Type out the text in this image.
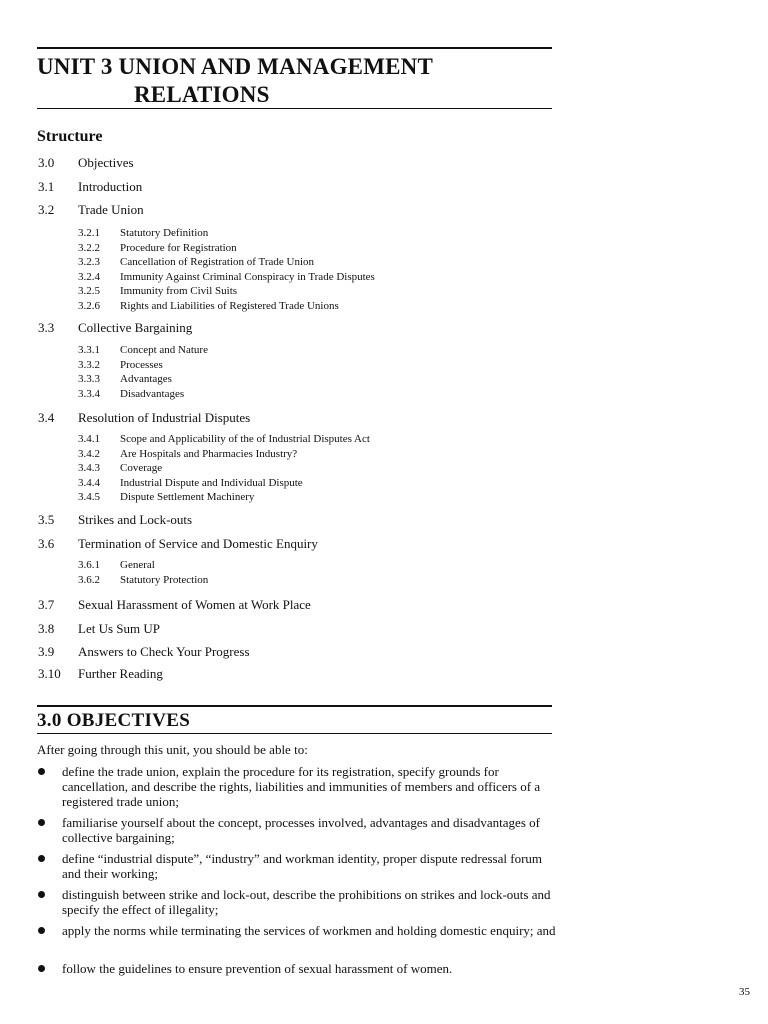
UNIT 3 UNION AND MANAGEMENT
RELATIONS
Structure
3.0 Objectives
3.1 Introduction
3.2 Trade Union
3.2.1 Statutory Definition
3.2.2 Procedure for Registration
3.2.3 Cancellation of Registration of Trade Union
3.2.4 Immunity Against Criminal Conspiracy in Trade Disputes
3.2.5 Immunity from Civil Suits
3.2.6 Rights and Liabilities of Registered Trade Unions
3.3 Collective Bargaining
3.3.1 Concept and Nature
3.3.2 Processes
3.3.3 Advantages
3.3.4 Disadvantages
3.4 Resolution of Industrial Disputes
3.4.1 Scope and Applicability of the of Industrial Disputes Act
3.4.2 Are Hospitals and Pharmacies Industry?
3.4.3 Coverage
3.4.4 Industrial Dispute and Individual Dispute
3.4.5 Dispute Settlement Machinery
3.5 Strikes and Lock-outs
3.6 Termination of Service and Domestic Enquiry
3.6.1 General
3.6.2 Statutory Protection
3.7 Sexual Harassment of Women at Work Place
3.8 Let Us Sum UP
3.9 Answers to Check Your Progress
3.10 Further Reading
3.0 OBJECTIVES
After going through this unit, you should be able to:
define the trade union, explain the procedure for its registration, specify grounds for cancellation, and describe the rights, liabilities and immunities of members and officers of a registered trade union;
familiarise yourself about the concept, processes involved, advantages and disadvantages of collective bargaining;
define “industrial dispute”, “industry” and workman identity, proper dispute redressal forum and their working;
distinguish between strike and lock-out, describe the prohibitions on strikes and lock-outs and specify the effect of illegality;
apply the norms while terminating the services of workmen and holding domestic enquiry; and
follow the guidelines to ensure prevention of sexual harassment of women.
35
